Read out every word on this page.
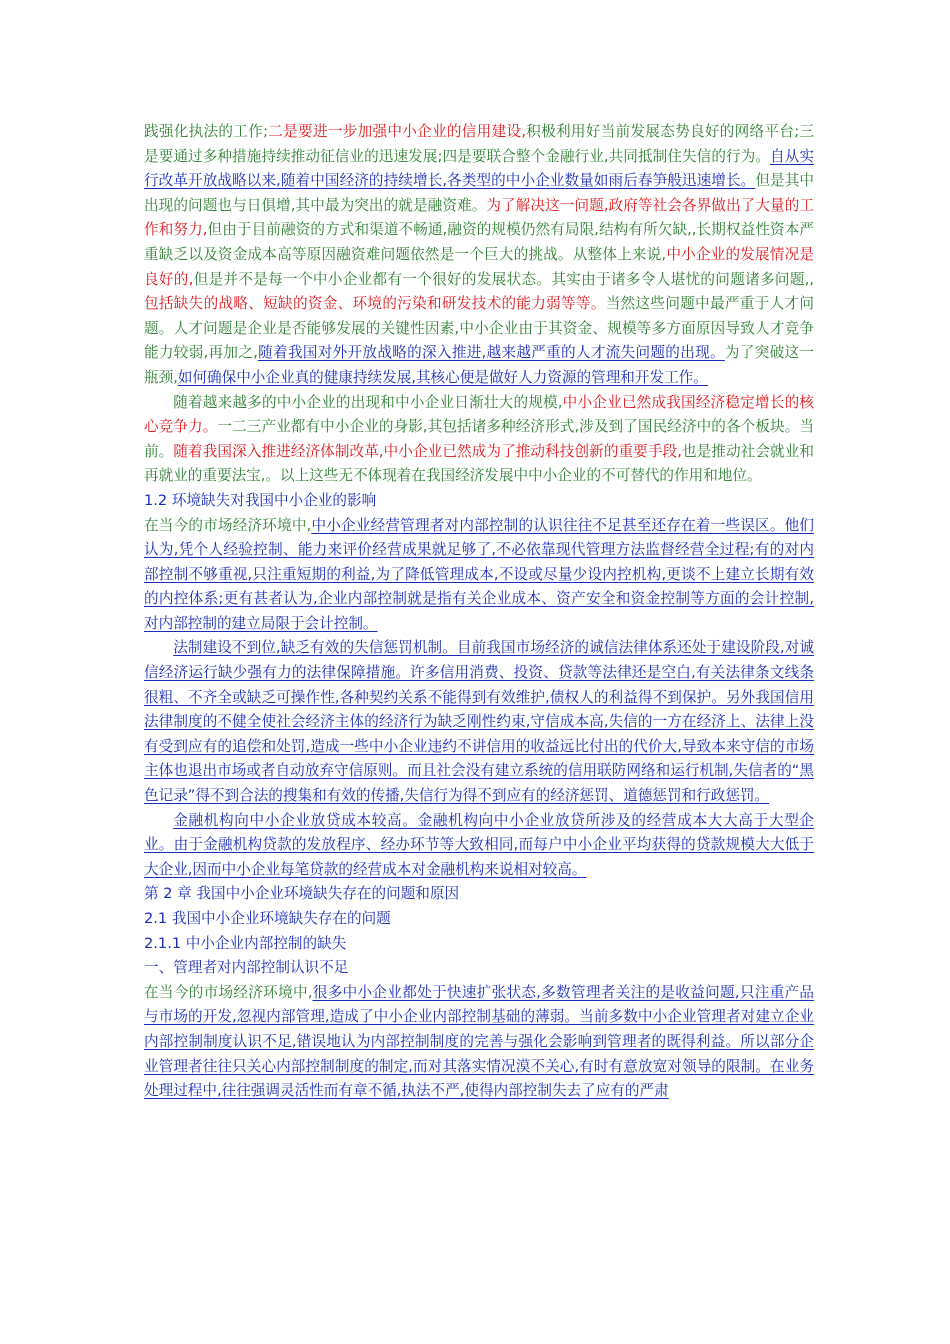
践强化执法的工作;二是要进一步加强中小企业的信用建设,积极利用好当前发展态势良好的网络平台;三是要通过多种措施持续推动征信业的迅速发展;四是要联合整个金融行业,共同抵制住失信的行为。自从实行改革开放战略以来,随着中国经济的持续增长,各类型的中小企业数量如雨后春笋般迅速增长。但是其中出现的问题也与日俱增,其中最为突出的就是融资难。为了解决这一问题,政府等社会各界做出了大量的工作和努力,但由于目前融资的方式和渠道不畅通,融资的规模仍然有局限,结构有所欠缺,,长期权益性资本严重缺乏以及资金成本高等原因融资难问题依然是一个巨大的挑战。从整体上来说,中小企业的发展情况是良好的,但是并不是每一个中小企业都有一个很好的发展状态。其实由于诸多令人堪忧的问题诸多问题,,包括缺失的战略、短缺的资金、环境的污染和研发技术的能力弱等等。当然这些问题中最严重于人才问题。人才问题是企业是否能够发展的关键性因素,中小企业由于其资金、规模等多方面原因导致人才竞争能力较弱,再加之,随着我国对外开放战略的深入推进,越来越严重的人才流失问题的出现。为了突破这一瓶颈,如何确保中小企业真的健康持续发展,其核心便是做好人力资源的管理和开发工作。

随着越来越多的中小企业的出现和中小企业日渐壮大的规模,中小企业已然成我国经济稳定增长的核心竞争力。一二三产业都有中小企业的身影,其包括诸多种经济形式,涉及到了国民经济中的各个板块。当前。随着我国深入推进经济体制改革,中小企业已然成为了推动科技创新的重要手段,也是推动社会就业和再就业的重要法宝,。以上这些无不体现着在我国经济发展中中小企业的不可替代的作用和地位。

1.2 环境缺失对我国中小企业的影响

在当今的市场经济环境中,中小企业经营管理者对内部控制的认识往往不足甚至还存在着一些误区。他们认为,凭个人经验控制、能力来评价经营成果就足够了,不必依靠现代管理方法监督经营全过程;有的对内部控制不够重视,只注重短期的利益,为了降低管理成本,不设或尽量少设内控机构,更谈不上建立长期有效的内控体系;更有甚者认为,企业内部控制就是指有关企业成本、资产安全和资金控制等方面的会计控制,对内部控制的建立局限于会计控制。

法制建设不到位,缺乏有效的失信惩罚机制。目前我国市场经济的诚信法律体系还处于建设阶段,对诚信经济运行缺少强有力的法律保障措施。许多信用消费、投资、贷款等法律还是空白,有关法律条文线条很粗、不齐全或缺乏可操作性,各种契约关系不能得到有效维护,债权人的利益得不到保护。另外我国信用法律制度的不健全使社会经济主体的经济行为缺乏刚性约束,守信成本高,失信的一方在经济上、法律上没有受到应有的追偿和处罚,造成一些中小企业违约不讲信用的收益远比付出的代价大,导致本来守信的市场主体也退出市场或者自动放弃守信原则。而且社会没有建立系统的信用联防网络和运行机制,失信者的“黑色记录”得不到合法的搜集和有效的传播,失信行为得不到应有的经济惩罚、道德惩罚和行政惩罚。

金融机构向中小企业放贷成本较高。金融机构向中小企业放贷所涉及的经营成本大大高于大型企业。由于金融机构贷款的发放程序、经办环节等大致相同,而每户中小企业平均获得的贷款规模大大低于大企业,因而中小企业每笔贷款的经营成本对金融机构来说相对较高。

第 2 章 我国中小企业环境缺失存在的问题和原因
2.1 我国中小企业环境缺失存在的问题
2.1.1 中小企业内部控制的缺失
一、管理者对内部控制认识不足

在当今的市场经济环境中,很多中小企业都处于快速扩张状态,多数管理者关注的是收益问题,只注重产品与市场的开发,忽视内部管理,造成了中小企业内部控制基础的薄弱。当前多数中小企业管理者对建立企业内部控制制度认识不足,错误地认为内部控制制度的完善与强化会影响到管理者的既得利益。所以部分企业管理者往往只关心内部控制制度的制定,而对其落实情况漠不关心,有时有意放宽对领导的限制。在业务处理过程中,往往强调灵活性而有章不循,执法不严,使得内部控制失去了应有的严肃
